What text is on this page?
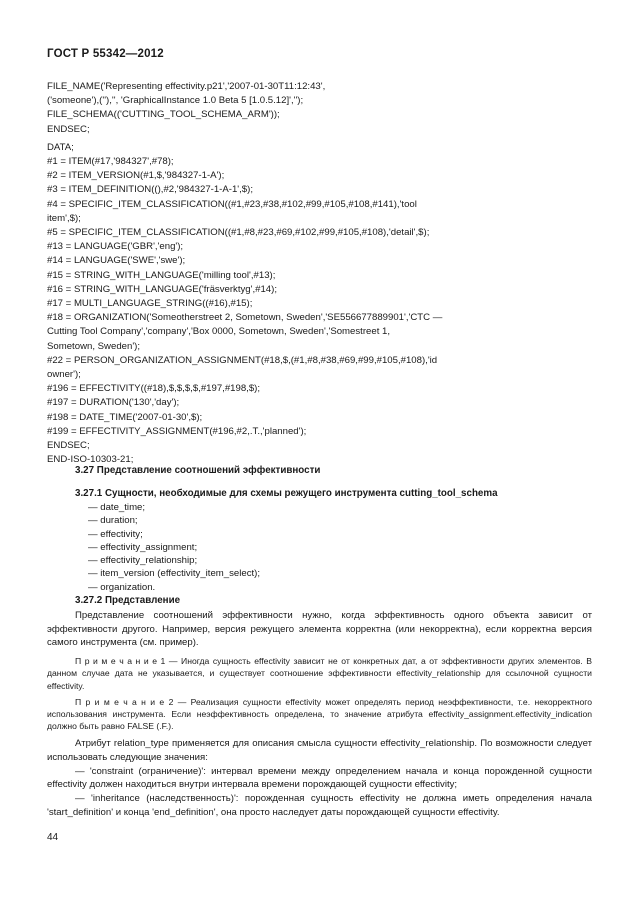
ГОСТ Р 55342—2012
FILE_NAME('Representing effectivity.p21','2007-01-30T11:12:43',
('someone'),(''),'', 'GraphicalInstance 1.0 Beta 5 [1.0.5.12]','');
FILE_SCHEMA(('CUTTING_TOOL_SCHEMA_ARM'));
ENDSEC;
DATA;
#1 = ITEM(#17,'984327',#78);
#2 = ITEM_VERSION(#1,$,'984327-1-A');
#3 = ITEM_DEFINITION((),#2,'984327-1-A-1',$);
#4 = SPECIFIC_ITEM_CLASSIFICATION((#1,#23,#38,#102,#99,#105,#108,#141),'tool
item',$);
#5 = SPECIFIC_ITEM_CLASSIFICATION((#1,#8,#23,#69,#102,#99,#105,#108),'detail',$);
#13 = LANGUAGE('GBR','eng');
#14 = LANGUAGE('SWE','swe');
#15 = STRING_WITH_LANGUAGE('milling tool',#13);
#16 = STRING_WITH_LANGUAGE('fräsverktyg',#14);
#17 = MULTI_LANGUAGE_STRING((#16),#15);
#18 = ORGANIZATION('Someotherstreet 2, Sometown, Sweden','SE556677889901','CTC —
Cutting Tool Company','company','Box 0000, Sometown, Sweden','Somestreet 1,
Sometown, Sweden');
#22 = PERSON_ORGANIZATION_ASSIGNMENT(#18,$,(#1,#8,#38,#69,#99,#105,#108),'id
owner');
#196 = EFFECTIVITY((#18),$,$,$,$,#197,#198,$);
#197 = DURATION('130','day');
#198 = DATE_TIME('2007-01-30',$);
#199 = EFFECTIVITY_ASSIGNMENT(#196,#2,.T.,'planned');
ENDSEC;
END-ISO-10303-21;
3.27 Представление соотношений эффективности
3.27.1 Сущности, необходимые для схемы режущего инструмента cutting_tool_schema
— date_time;
— duration;
— effectivity;
— effectivity_assignment;
— effectivity_relationship;
— item_version (effectivity_item_select);
— organization.
3.27.2 Представление
Представление соотношений эффективности нужно, когда эффективность одного объекта зависит от эффективности другого. Например, версия режущего элемента корректна (или некорректна), если корректна версия самого инструмента (см. пример).
П р и м е ч а н и е 1 — Иногда сущность effectivity зависит не от конкретных дат, а от эффективности других элементов. В данном случае дата не указывается, и существует соотношение эффективности effectivity_relationship для ссылочной сущности effectivity.
П р и м е ч а н и е 2 — Реализация сущности effectivity может определять период неэффективности, т.е. некорректного использования инструмента. Если неэффективность определена, то значение атрибута effectivity_assignment.effectivity_indication должно быть равно FALSE (.F.).
Атрибут relation_type применяется для описания смысла сущности effectivity_relationship. По возможности следует использовать следующие значения:
— 'constraint (ограничение)': интервал времени между определением начала и конца порожденной сущности effectivity должен находиться внутри интервала времени порождающей сущности effectivity;
— 'inheritance (наследственность)': порожденная сущность effectivity не должна иметь определения начала 'start_definition' и конца 'end_definition', она просто наследует даты порождающей сущности effectivity.
44
